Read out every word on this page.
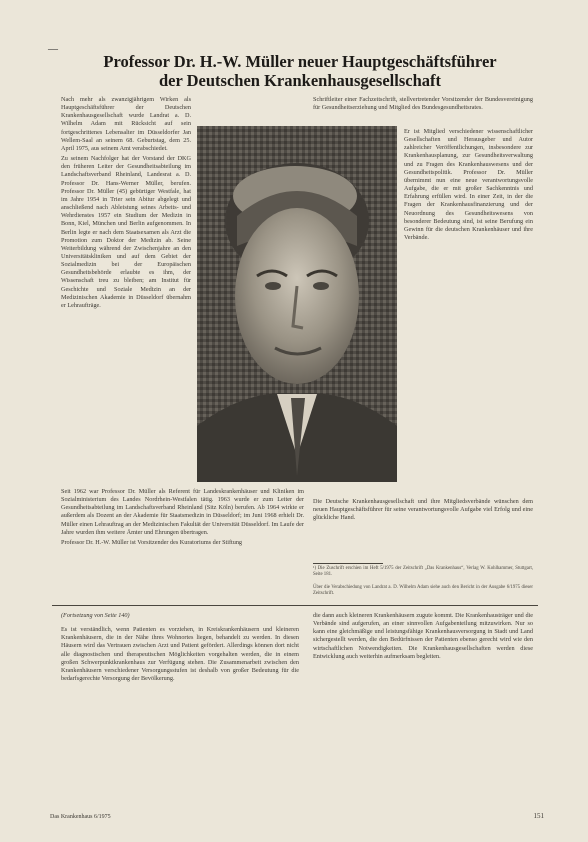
—
Professor Dr. H.-W. Müller neuer Hauptgeschäftsführer
der Deutschen Krankenhausgesellschaft

Nach mehr als zwanzigjährigem Wirken als Hauptgeschäftsführer der Deutschen Krankenhausgesellschaft wurde Landrat a. D. Wilhelm Adam mit Rücksicht auf sein fortgeschrittenes Lebensalter im Düsseldorfer Jan Wellem-Saal an seinem 68. Geburtstag, dem 25. April 1975, aus seinem Amt verabschiedet.

Zu seinem Nachfolger hat der Vorstand der DKG den früheren Leiter der Gesundheitsabteilung im Landschaftsverband Rheinland, Landesrat a. D. Professor Dr. Hans-Werner Müller, berufen. Professor Dr. Müller (45) gebürtiger Westfale, hat im Jahre 1954 in Trier sein Abitur abgelegt und anschließend nach Ableistung seines Arbeits- und Wehrdienstes 1957 ein Studium der Medizin in Bonn, Kiel, München und Berlin aufgenommen. In Berlin legte er nach dem Staatsexamen als Arzt die Promotion zum Doktor der Medizin ab. Seine Weiterbildung während der Zwischenjahre an den Universitätskliniken und auf dem Gebiet der Sozialmedizin bei der Europäischen Gesundheitsbehörde erlaubte es ihm, der Wissenschaft treu zu bleiben; am Institut für Geschichte und Soziale Medizin an der Medizinischen Akademie in Düsseldorf übernahm er Lehraufträge.

Schriftleiter einer Fachzeitschrift, stellvertretender Vorsitzender der Bundesvereinigung für Gesundheitserziehung und Mitglied des Bundesgesundheitsrates.

Er ist Mitglied verschiedener wissenschaftlicher Gesellschaften und Herausgeber und Autor zahlreicher Veröffentlichungen, insbesondere zur Krankenhausplanung, zur Gesundheitsverwaltung und zu Fragen des Krankenhauswesens und der Gesundheitspolitik. Professor Dr. Müller übernimmt nun eine neue verantwortungsvolle Aufgabe, die er mit großer Sachkenntnis und Erfahrung erfüllen wird. In einer Zeit, in der die Fragen der Krankenhausfinanzierung und der Neuordnung des Gesundheitswesens von besonderer Bedeutung sind, ist seine Berufung ein Gewinn für die deutschen Krankenhäuser und ihre Verbände.

Seit 1962 war Professor Dr. Müller als Referent für Landeskrankenhäuser und Kliniken im Sozialministerium des Landes Nordrhein-Westfalen tätig. 1963 wurde er zum Leiter der Gesundheitsabteilung im Landschaftsverband Rheinland (Sitz Köln) berufen. Ab 1964 wirkte er außerdem als Dozent an der Akademie für Staatsmedizin in Düsseldorf; im Juni 1968 erhielt Dr. Müller einen Lehrauftrag an der Medizinischen Fakultät der Universität Düsseldorf. Im Laufe der Jahre wurden ihm weitere Ämter und Ehrungen übertragen.

Professor Dr. H.-W. Müller ist Vorsitzender des Kuratoriums der Stiftung

Die Deutsche Krankenhausgesellschaft und ihre Mitgliedsverbände wünschen dem neuen Hauptgeschäftsführer für seine verantwortungsvolle Aufgabe viel Erfolg und eine glückliche Hand.

¹) Die Zuschrift erschien im Heft 5/1975 der Zeitschrift „Das Krankenhaus“, Verlag W. Kohlhammer, Stuttgart, Seite 181.
Über die Verabschiedung von Landrat a. D. Wilhelm Adam siehe auch den Bericht in der Ausgabe 6/1975 dieser Zeitschrift.

(Fortsetzung von Seite 140)

Es ist verständlich, wenn Patienten es vorziehen, in Kreiskrankenhäusern und kleineren Krankenhäusern, die in der Nähe ihres Wohnortes liegen, behandelt zu werden. In diesen Häusern wird das Vertrauen zwischen Arzt und Patient gefördert. Allerdings können dort nicht alle diagnostischen und therapeutischen Möglichkeiten vorgehalten werden, die in einem großen Schwerpunktkrankenhaus zur Verfügung stehen. Die Zusammenarbeit zwischen den Krankenhäusern verschiedener Versorgungsstufen ist deshalb von großer Bedeutung für die bedarfsgerechte Versorgung der Bevölkerung.

die dann auch kleineren Krankenhäusern zugute kommt. Die Krankenhausträger und die Verbände sind aufgerufen, an einer sinnvollen Aufgabenteilung mitzuwirken. Nur so kann eine gleichmäßige und leistungsfähige Krankenhausversorgung in Stadt und Land sichergestellt werden, die den Bedürfnissen der Patienten ebenso gerecht wird wie den wirtschaftlichen Notwendigkeiten. Die Krankenhausgesellschaften werden diese Entwicklung auch weiterhin aufmerksam begleiten.

Das Krankenhaus 6/1975	151
